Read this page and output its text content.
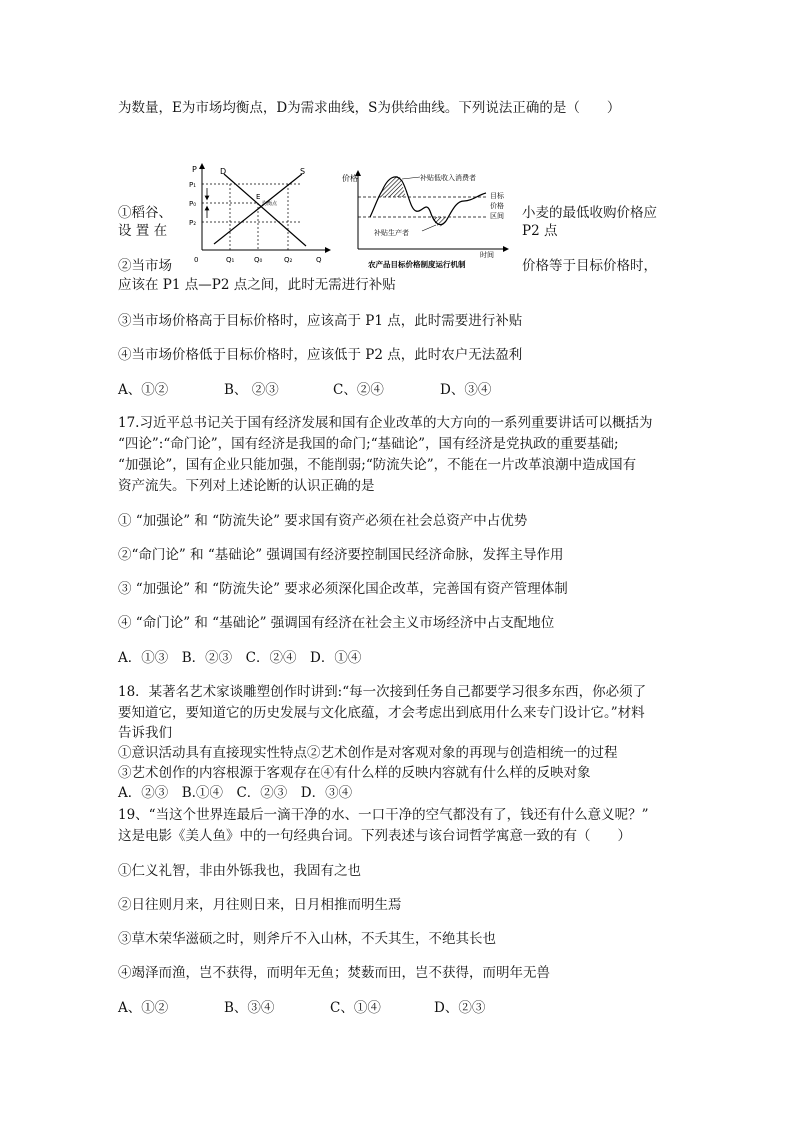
为数量，E为市场均衡点，D为需求曲线，S为供给曲线。下列说法正确的是（　　）
①稻谷、
设 置 在
小麦的最低收购价格应
P2 点
②当市场	价格等于目标价格时，
应该在 P1 点—P2 点之间，此时无需进行补贴
③当市场价格高于目标价格时，应该高于 P1 点，此时需要进行补贴
④当市场价格低于目标价格时，应该低于 P2 点，此时农户无法盈利
A、①②	B、 ②③	C、②④	D、③④
P
P₁
P₀
P₂
D	S
E
均衡点
0	Q₁	Q₀	Q₂	Q
价格	补贴低收入消费者
目标
价格
区间
补贴生产者
时间
农产品目标价格制度运行机制
17.习近平总书记关于国有经济发展和国有企业改革的大方向的一系列重要讲话可以概括为
“四论”:“命门论”，国有经济是我国的命门;“基础论”，国有经济是党执政的重要基础;
“加强论”，国有企业只能加强，不能削弱;“防流失论”，不能在一片改革浪潮中造成国有
资产流失。下列对上述论断的认识正确的是
① “加强论” 和 “防流失论” 要求国有资产必须在社会总资产中占优势
②“命门论” 和 “基础论” 强调国有经济要控制国民经济命脉，发挥主导作用
③ “加强论” 和 “防流失论” 要求必须深化国企改革，完善国有资产管理体制
④ “命门论” 和 “基础论” 强调国有经济在社会主义市场经济中占支配地位
A．①③　B．②③　C．②④　D．①④
18．某著名艺术家谈雕塑创作时讲到:“每一次接到任务自己都要学习很多东西，你必须了
要知道它，要知道它的历史发展与文化底蕴，才会考虑出到底用什么来专门设计它。”材料
告诉我们
①意识活动具有直接现实性特点②艺术创作是对客观对象的再现与创造相统一的过程
③艺术创作的内容根源于客观存在④有什么样的反映内容就有什么样的反映对象
A．②③　B.①④　C．②③　D．③④
19、“当这个世界连最后一滴干净的水、一口干净的空气都没有了，钱还有什么意义呢？”
这是电影《美人鱼》中的一句经典台词。下列表述与该台词哲学寓意一致的有（　　）
①仁义礼智，非由外铄我也，我固有之也
②日往则月来，月往则日来，日月相推而明生焉
③草木荣华滋硕之时，则斧斤不入山林，不夭其生，不绝其长也
④竭泽而渔，岂不获得，而明年无鱼；焚薮而田，岂不获得，而明年无兽
A、①②	B、③④	C、①④	D、②③
